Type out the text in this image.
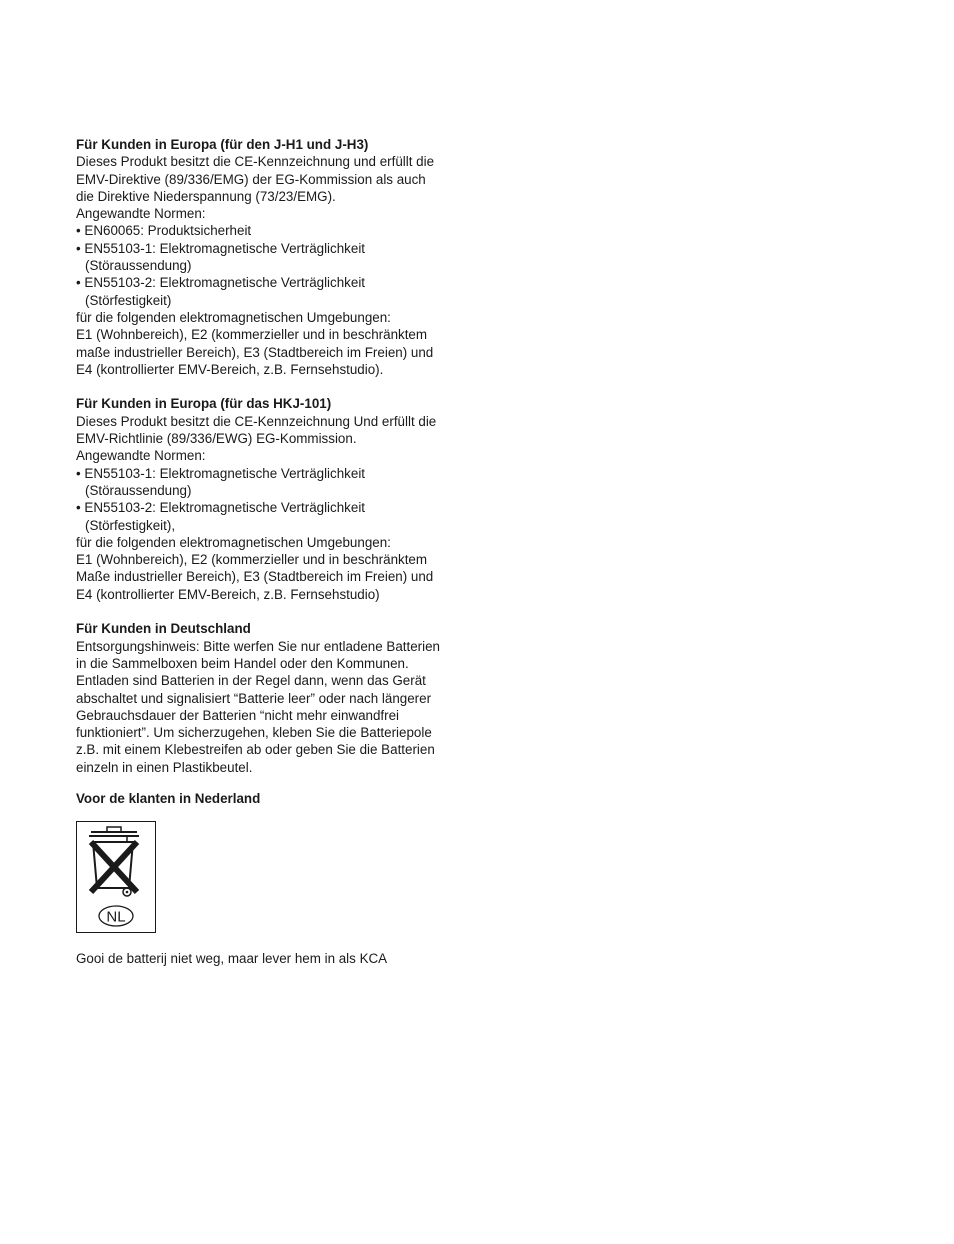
Für Kunden in Europa (für den J-H1 und J-H3)
Dieses Produkt besitzt die CE-Kennzeichnung und erfüllt die
EMV-Direktive (89/336/EMG) der EG-Kommission als auch
die Direktive Niederspannung (73/23/EMG).
Angewandte Normen:
• EN60065: Produktsicherheit
• EN55103-1: Elektromagnetische Verträglichkeit
(Störaussendung)
• EN55103-2: Elektromagnetische Verträglichkeit
(Störfestigkeit)
für die folgenden elektromagnetischen Umgebungen:
E1 (Wohnbereich), E2 (kommerzieller und in beschränktem
maße industrieller Bereich), E3 (Stadtbereich im Freien) und
E4 (kontrollierter EMV-Bereich, z.B. Fernsehstudio).
Für Kunden in Europa (für das HKJ-101)
Dieses Produkt besitzt die CE-Kennzeichnung Und erfüllt die
EMV-Richtlinie (89/336/EWG) EG-Kommission.
Angewandte Normen:
• EN55103-1: Elektromagnetische Verträglichkeit
(Störaussendung)
• EN55103-2: Elektromagnetische Verträglichkeit
(Störfestigkeit),
für die folgenden elektromagnetischen Umgebungen:
E1 (Wohnbereich), E2 (kommerzieller und in beschränktem
Maße industrieller Bereich), E3 (Stadtbereich im Freien) und
E4 (kontrollierter EMV-Bereich, z.B. Fernsehstudio)
Für Kunden in Deutschland
Entsorgungshinweis: Bitte werfen Sie nur entladene Batterien
in die Sammelboxen beim Handel oder den Kommunen.
Entladen sind Batterien in der Regel dann, wenn das Gerät
abschaltet und signalisiert “Batterie leer” oder nach längerer
Gebrauchsdauer der Batterien “nicht mehr einwandfrei
funktioniert”. Um sicherzugehen, kleben Sie die Batteriepole
z.B. mit einem Klebestreifen ab oder geben Sie die Batterien
einzeln in einen Plastikbeutel.
Voor de klanten in Nederland
NL
Gooi de batterij niet weg, maar lever hem in als KCA
